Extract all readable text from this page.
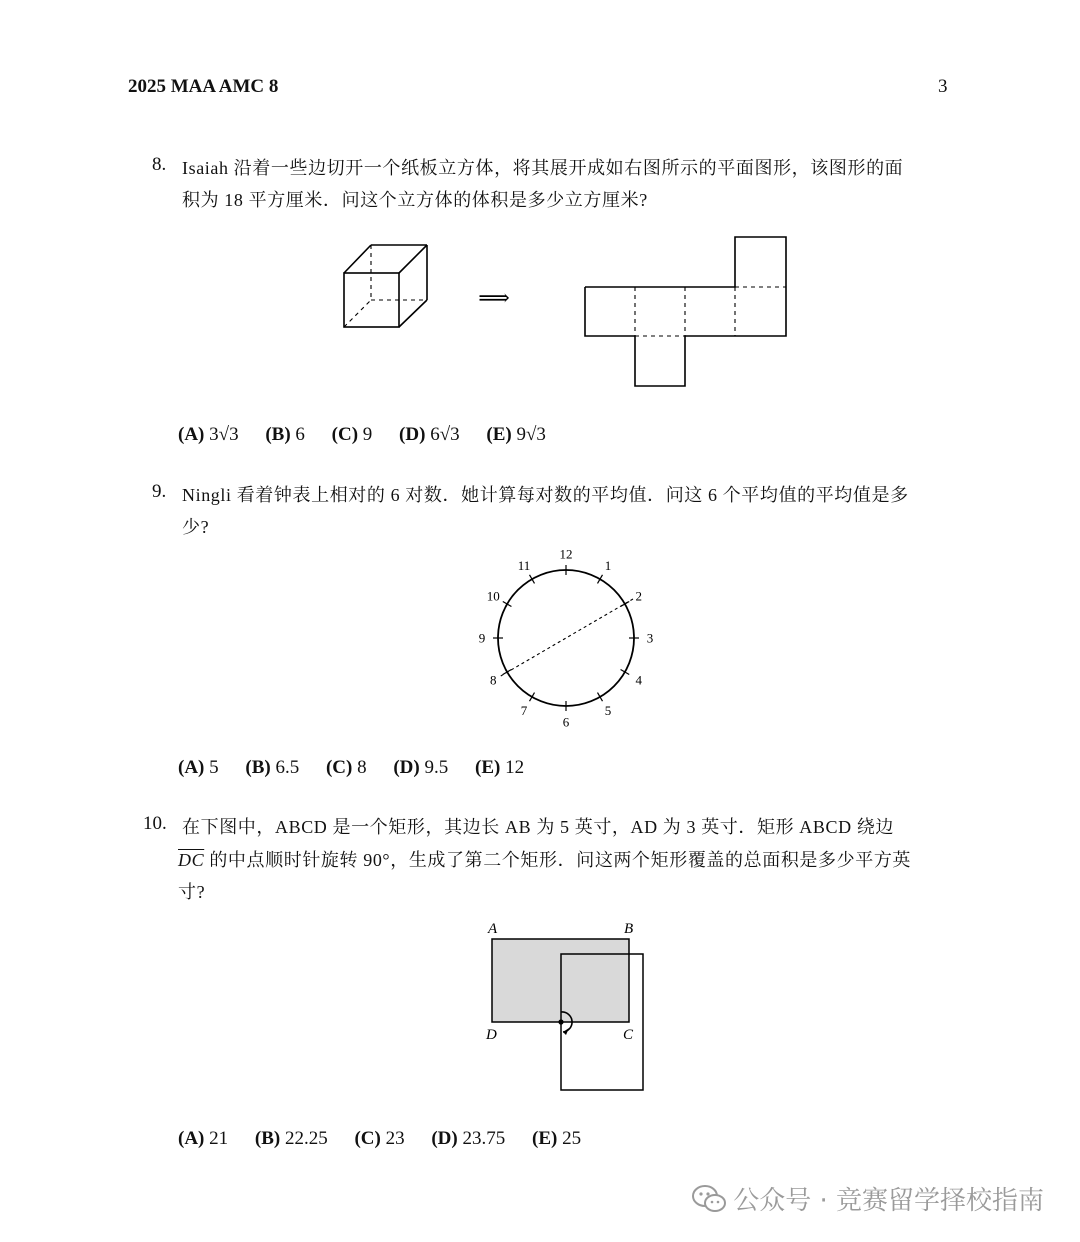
2025 MAA AMC 8	3
8. Isaiah 沿着一些边切开一个纸板立方体，将其展开成如右图所示的平面图形，该图形的面
积为 18 平方厘米．问这个立方体的体积是多少立方厘米?
⟹
(A) 3√3 (B) 6 (C) 9 (D) 6√3 (E) 9√3
9. Ningli 看着钟表上相对的 6 对数．她计算每对数的平均值．问这 6 个平均值的平均值是多
少?
12
1
2
3
4
5
6
7
8
9
10
11
(A) 5 (B) 6.5 (C) 8 (D) 9.5 (E) 12
10. 在下图中，ABCD 是一个矩形，其边长 AB 为 5 英寸，AD 为 3 英寸．矩形 ABCD 绕边
$\overline{DC}$ 的中点顺时针旋转 90°，生成了第二个矩形．问这两个矩形覆盖的总面积是多少平方英
寸?
A	B
C
D
(A) 21 (B) 22.25 (C) 23 (D) 23.75 (E) 25
公众号 · 竞赛留学择校指南
